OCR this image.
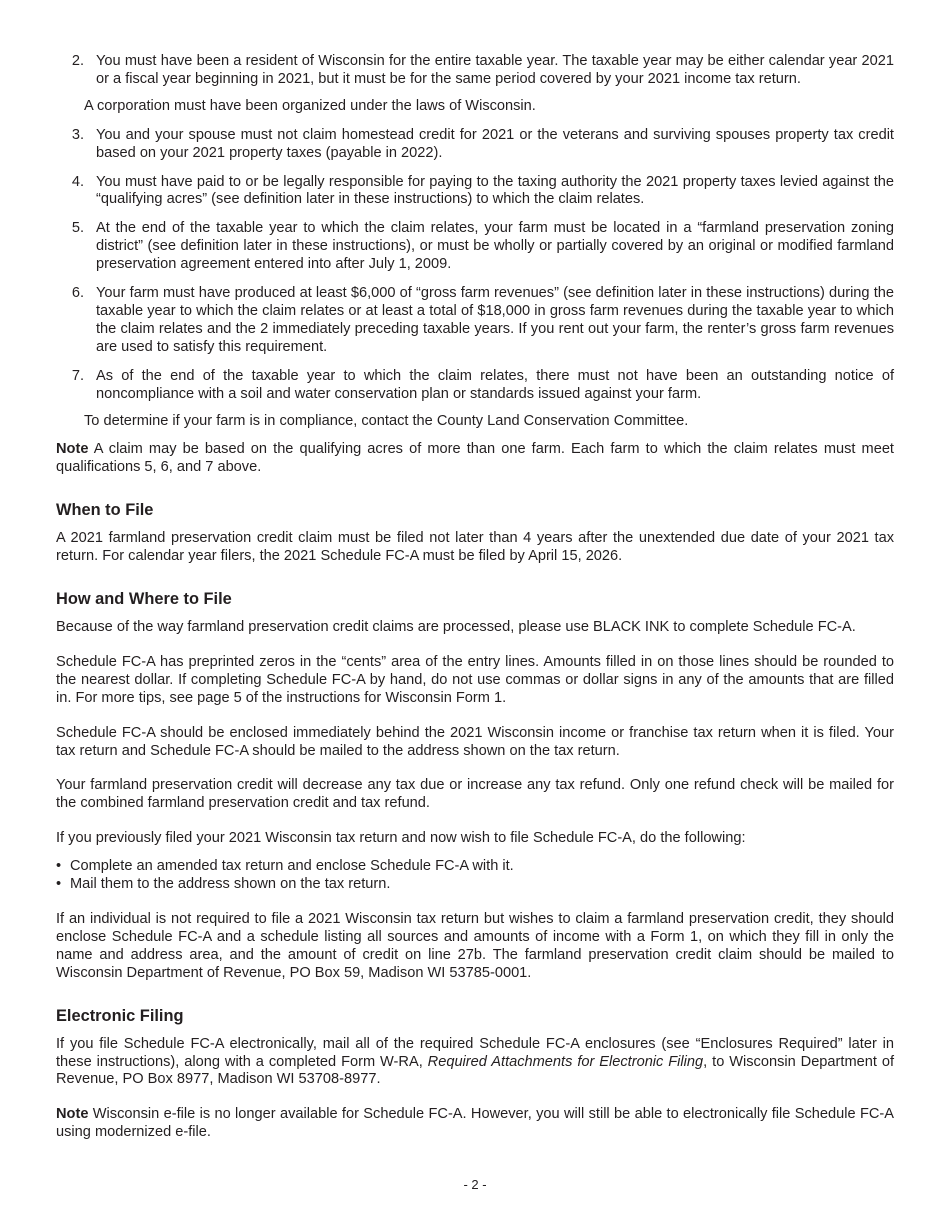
2. You must have been a resident of Wisconsin for the entire taxable year. The taxable year may be either calendar year 2021 or a fiscal year beginning in 2021, but it must be for the same period covered by your 2021 income tax return.

A corporation must have been organized under the laws of Wisconsin.

3. You and your spouse must not claim homestead credit for 2021 or the veterans and surviving spouses property tax credit based on your 2021 property taxes (payable in 2022).

4. You must have paid to or be legally responsible for paying to the taxing authority the 2021 property taxes levied against the “qualifying acres” (see definition later in these instructions) to which the claim relates.

5. At the end of the taxable year to which the claim relates, your farm must be located in a “farmland preservation zoning district” (see definition later in these instructions), or must be wholly or partially covered by an original or modified farmland preservation agreement entered into after July 1, 2009.

6. Your farm must have produced at least $6,000 of “gross farm revenues” (see definition later in these instructions) during the taxable year to which the claim relates or at least a total of $18,000 in gross farm revenues during the taxable year to which the claim relates and the 2 immediately preceding taxable years. If you rent out your farm, the renter’s gross farm revenues are used to satisfy this requirement.

7. As of the end of the taxable year to which the claim relates, there must not have been an outstanding notice of noncompliance with a soil and water conservation plan or standards issued against your farm.

To determine if your farm is in compliance, contact the County Land Conservation Committee.

Note A claim may be based on the qualifying acres of more than one farm. Each farm to which the claim relates must meet qualifications 5, 6, and 7 above.

When to File

A 2021 farmland preservation credit claim must be filed not later than 4 years after the unextended due date of your 2021 tax return. For calendar year filers, the 2021 Schedule FC-A must be filed by April 15, 2026.

How and Where to File

Because of the way farmland preservation credit claims are processed, please use BLACK INK to complete Schedule FC-A.

Schedule FC-A has preprinted zeros in the “cents” area of the entry lines. Amounts filled in on those lines should be rounded to the nearest dollar. If completing Schedule FC-A by hand, do not use commas or dollar signs in any of the amounts that are filled in. For more tips, see page 5 of the instructions for Wisconsin Form 1.

Schedule FC-A should be enclosed immediately behind the 2021 Wisconsin income or franchise tax return when it is filed. Your tax return and Schedule FC-A should be mailed to the address shown on the tax return.

Your farmland preservation credit will decrease any tax due or increase any tax refund. Only one refund check will be mailed for the combined farmland preservation credit and tax refund.

If you previously filed your 2021 Wisconsin tax return and now wish to file Schedule FC-A, do the following:

• Complete an amended tax return and enclose Schedule FC-A with it.
• Mail them to the address shown on the tax return.

If an individual is not required to file a 2021 Wisconsin tax return but wishes to claim a farmland preservation credit, they should enclose Schedule FC-A and a schedule listing all sources and amounts of income with a Form 1, on which they fill in only the name and address area, and the amount of credit on line 27b. The farmland preservation credit claim should be mailed to Wisconsin Department of Revenue, PO Box 59, Madison WI 53785-0001.

Electronic Filing

If you file Schedule FC-A electronically, mail all of the required Schedule FC-A enclosures (see “Enclosures Required” later in these instructions), along with a completed Form W-RA, Required Attachments for Electronic Filing, to Wisconsin Department of Revenue, PO Box 8977, Madison WI 53708-8977.

Note Wisconsin e-file is no longer available for Schedule FC-A. However, you will still be able to electronically file Schedule FC-A using modernized e-file.

- 2 -
